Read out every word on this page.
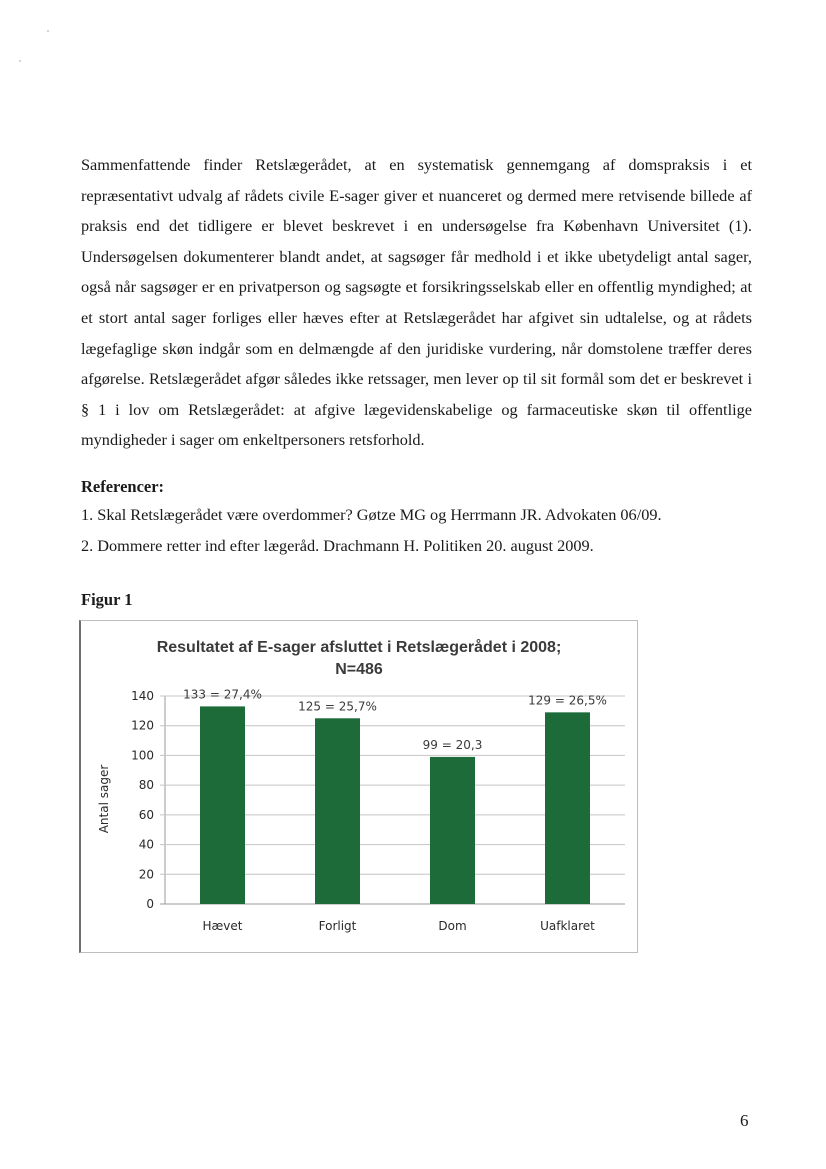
Sammenfattende finder Retslægerådet, at en systematisk gennemgang af domspraksis i et repræsentativt udvalg af rådets civile E-sager giver et nuanceret og dermed mere retvisende billede af praksis end det tidligere er blevet beskrevet i en undersøgelse fra København Universitet (1). Undersøgelsen dokumenterer blandt andet, at sagsøger får medhold i et ikke ubetydeligt antal sager, også når sagsøger er en privatperson og sagsøgte et forsikringsselskab eller en offentlig myndighed; at et stort antal sager forliges eller hæves efter at Retslægerådet har afgivet sin udtalelse, og at rådets lægefaglige skøn indgår som en delmængde af den juridiske vurdering, når domstolene træffer deres afgørelse. Retslægerådet afgør således ikke retssager, men lever op til sit formål som det er beskrevet i § 1 i lov om Retslægerådet: at afgive lægevidenskabelige og farmaceutiske skøn til offentlige myndigheder i sager om enkeltpersoners retsforhold.

Referencer:

1. Skal Retslægerådet være overdommer? Gøtze MG og Herrmann JR. Advokaten 06/09.

2. Dommere retter ind efter lægeråd. Drachmann H. Politiken 20. august 2009.

Figur 1

Resultatet af E-sager afsluttet i Retslægerådet i 2008;
N=486
Antal sager
0
20
40
60
80
100
120
140
Hævet
133 = 27,4%
Forligt
125 = 25,7%
Dom
99 = 20,3
Uafklaret
129 = 26,5%

6
